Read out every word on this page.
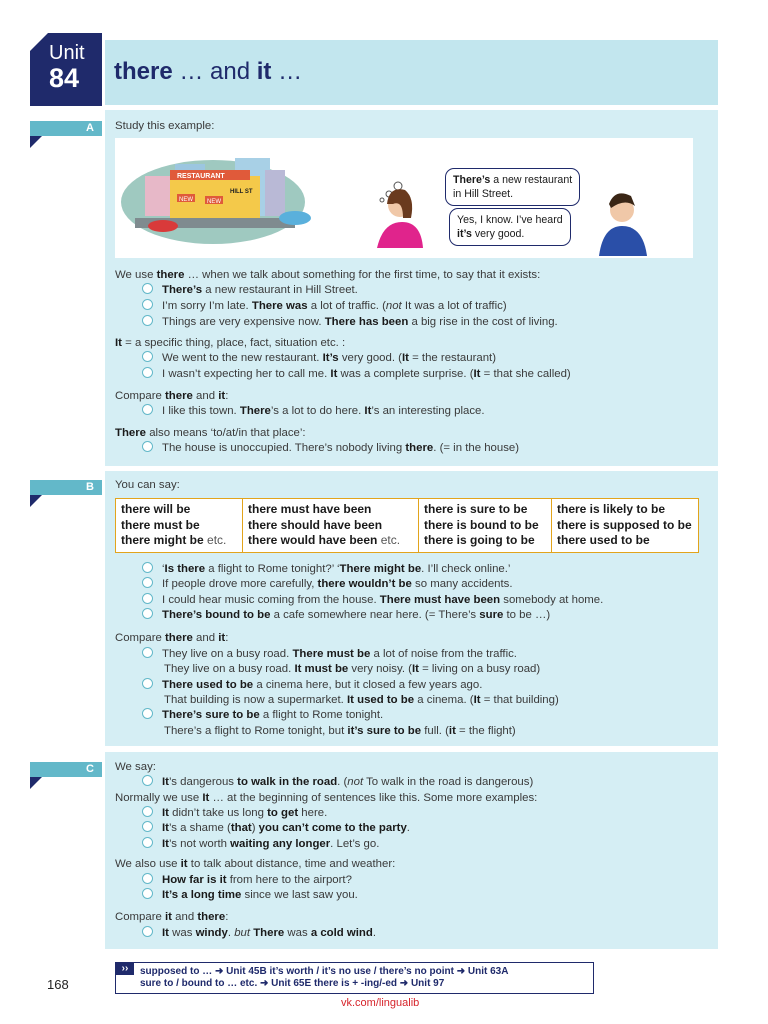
Unit
84 there … and it …
A Study this example:
RESTAURANT
HILL ST
NEW NEW
There’s a new restaurant
in Hill Street.
Yes, I know. I’ve heard
it’s very good.
We use there … when we talk about something for the first time, to say that it exists:
There’s a new restaurant in Hill Street.
I’m sorry I’m late. There was a lot of traffic. (not It was a lot of traffic)
Things are very expensive now. There has been a big rise in the cost of living.
It = a specific thing, place, fact, situation etc. :
We went to the new restaurant. It’s very good. (It = the restaurant)
I wasn’t expecting her to call me. It was a complete surprise. (It = that she called)
Compare there and it:
I like this town. There’s a lot to do here. It’s an interesting place.
There also means ‘to/at/in that place’:
The house is unoccupied. There’s nobody living there. (= in the house)
B You can say:
there will be
there must be
there might be etc.

there must have been
there should have been
there would have been etc.

there is sure to be
there is bound to be
there is going to be

there is likely to be
there is supposed to be
there used to be
‘Is there a flight to Rome tonight?’ ‘There might be. I’ll check online.’
If people drove more carefully, there wouldn’t be so many accidents.
I could hear music coming from the house. There must have been somebody at home.
There’s bound to be a cafe somewhere near here. (= There’s sure to be …)
Compare there and it:
They live on a busy road. There must be a lot of noise from the traffic.
They live on a busy road. It must be very noisy. (It = living on a busy road)
There used to be a cinema here, but it closed a few years ago.
That building is now a supermarket. It used to be a cinema. (It = that building)
There’s sure to be a flight to Rome tonight.
There’s a flight to Rome tonight, but it’s sure to be full. (it = the flight)
C We say:
It’s dangerous to walk in the road. (not To walk in the road is dangerous)
Normally we use It … at the beginning of sentences like this. Some more examples:
It didn’t take us long to get here.
It’s a shame (that) you can’t come to the party.
It’s not worth waiting any longer. Let’s go.
We also use it to talk about distance, time and weather:
How far is it from here to the airport?
It’s a long time since we last saw you.
Compare it and there:
It was windy. but There was a cold wind.
168
››	supposed to … ➜ Unit 45B it’s worth / it’s no use / there’s no point ➜ Unit 63A
sure to / bound to … etc. ➜ Unit 65E there is + -ing/-ed ➜ Unit 97
vk.com/lingualib
